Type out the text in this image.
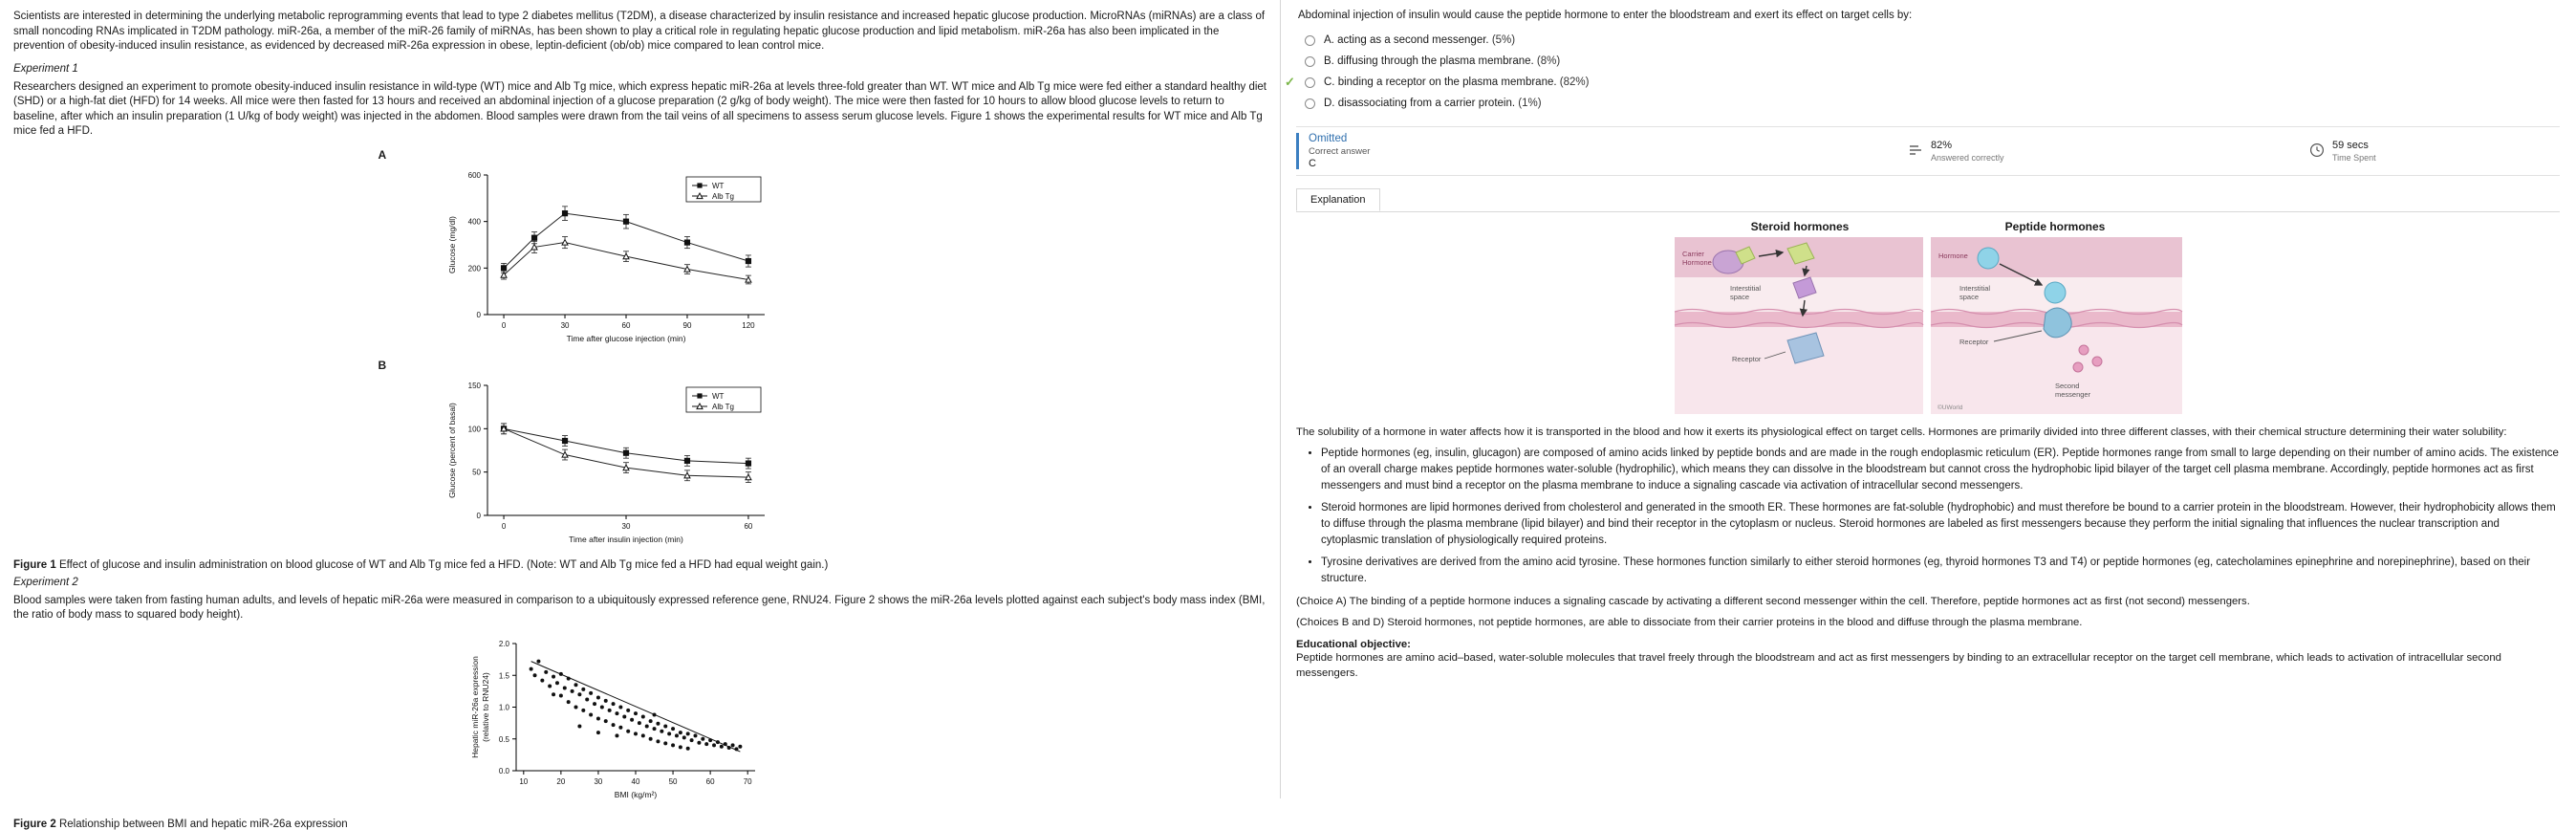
Scientists are interested in determining the underlying metabolic reprogramming events that lead to type 2 diabetes mellitus (T2DM), a disease characterized by insulin resistance and increased hepatic glucose production. MicroRNAs (miRNAs) are a class of small noncoding RNAs implicated in T2DM pathology. miR-26a, a member of the miR-26 family of miRNAs, has been shown to play a critical role in regulating hepatic glucose production and lipid metabolism. miR-26a has also been implicated in the prevention of obesity-induced insulin resistance, as evidenced by decreased miR-26a expression in obese, leptin-deficient (ob/ob) mice compared to lean control mice.
Experiment 1
Researchers designed an experiment to promote obesity-induced insulin resistance in wild-type (WT) mice and Alb Tg mice, which express hepatic miR-26a at levels three-fold greater than WT. WT mice and Alb Tg mice were fed either a standard healthy diet (SHD) or a high-fat diet (HFD) for 14 weeks. All mice were then fasted for 13 hours and received an abdominal injection of a glucose preparation (2 g/kg of body weight). The mice were then fasted for 10 hours to allow blood glucose levels to return to baseline, after which an insulin preparation (1 U/kg of body weight) was injected in the abdomen. Blood samples were drawn from the tail veins of all specimens to assess serum glucose levels. Figure 1 shows the experimental results for WT mice and Alb Tg mice fed a HFD.
A
0	30	60	90	120
0
200
400
600
Time after glucose injection (min)
Glucose (mg/dl)
WT
Alb Tg
B
0	30	60
0
50
100
150
Time after insulin injection (min)
Glucose (percent of basal)
WT
Alb Tg
Figure 1 Effect of glucose and insulin administration on blood glucose of WT and Alb Tg mice fed a HFD. (Note: WT and Alb Tg mice fed a HFD had equal weight gain.)
Experiment 2
Blood samples were taken from fasting human adults, and levels of hepatic miR-26a were measured in comparison to a ubiquitously expressed reference gene, RNU24. Figure 2 shows the miR-26a levels plotted against each subject's body mass index (BMI, the ratio of body mass to squared body height).
10	20	30	40	50	60	70
0.0
0.5
1.0
1.5
2.0
BMI (kg/m²)
Hepatic miR-26a expression (relative to RNU24)
Figure 2 Relationship between BMI and hepatic miR-26a expression
Abdominal injection of insulin would cause the peptide hormone to enter the bloodstream and exert its effect on target cells by:
A. acting as a second messenger. (5%)
B. diffusing through the plasma membrane. (8%)
✓	C. binding a receptor on the plasma membrane. (82%)
D. disassociating from a carrier protein. (1%)
Omitted
Correct answer
C
82%
Answered correctly
59 secs
Time Spent
Explanation
Steroid hormones	Peptide hormones
Carrier
Hormone
Interstitial
space
Receptor
Hormone
Interstitial
space
Receptor
Second
messenger
©UWorld
The solubility of a hormone in water affects how it is transported in the blood and how it exerts its physiological effect on target cells. Hormones are primarily divided into three different classes, with their chemical structure determining their water solubility:
• Peptide hormones (eg, insulin, glucagon) are composed of amino acids linked by peptide bonds and are made in the rough endoplasmic reticulum (ER). Peptide hormones range from small to large depending on their number of amino acids. The existence of an overall charge makes peptide hormones water-soluble (hydrophilic), which means they can dissolve in the bloodstream but cannot cross the hydrophobic lipid bilayer of the target cell plasma membrane. Accordingly, peptide hormones act as first messengers and must bind a receptor on the plasma membrane to induce a signaling cascade via activation of intracellular second messengers.
• Steroid hormones are lipid hormones derived from cholesterol and generated in the smooth ER. These hormones are fat-soluble (hydrophobic) and must therefore be bound to a carrier protein in the bloodstream. However, their hydrophobicity allows them to diffuse through the plasma membrane (lipid bilayer) and bind their receptor in the cytoplasm or nucleus. Steroid hormones are labeled as first messengers because they perform the initial signaling that influences the nuclear transcription and cytoplasmic translation of physiologically required proteins.
• Tyrosine derivatives are derived from the amino acid tyrosine. These hormones function similarly to either steroid hormones (eg, thyroid hormones T3 and T4) or peptide hormones (eg, catecholamines epinephrine and norepinephrine), based on their structure.
(Choice A) The binding of a peptide hormone induces a signaling cascade by activating a different second messenger within the cell. Therefore, peptide hormones act as first (not second) messengers.
(Choices B and D) Steroid hormones, not peptide hormones, are able to dissociate from their carrier proteins in the blood and diffuse through the plasma membrane.
Educational objective:
Peptide hormones are amino acid–based, water-soluble molecules that travel freely through the bloodstream and act as first messengers by binding to an extracellular receptor on the target cell membrane, which leads to activation of intracellular second messengers.
